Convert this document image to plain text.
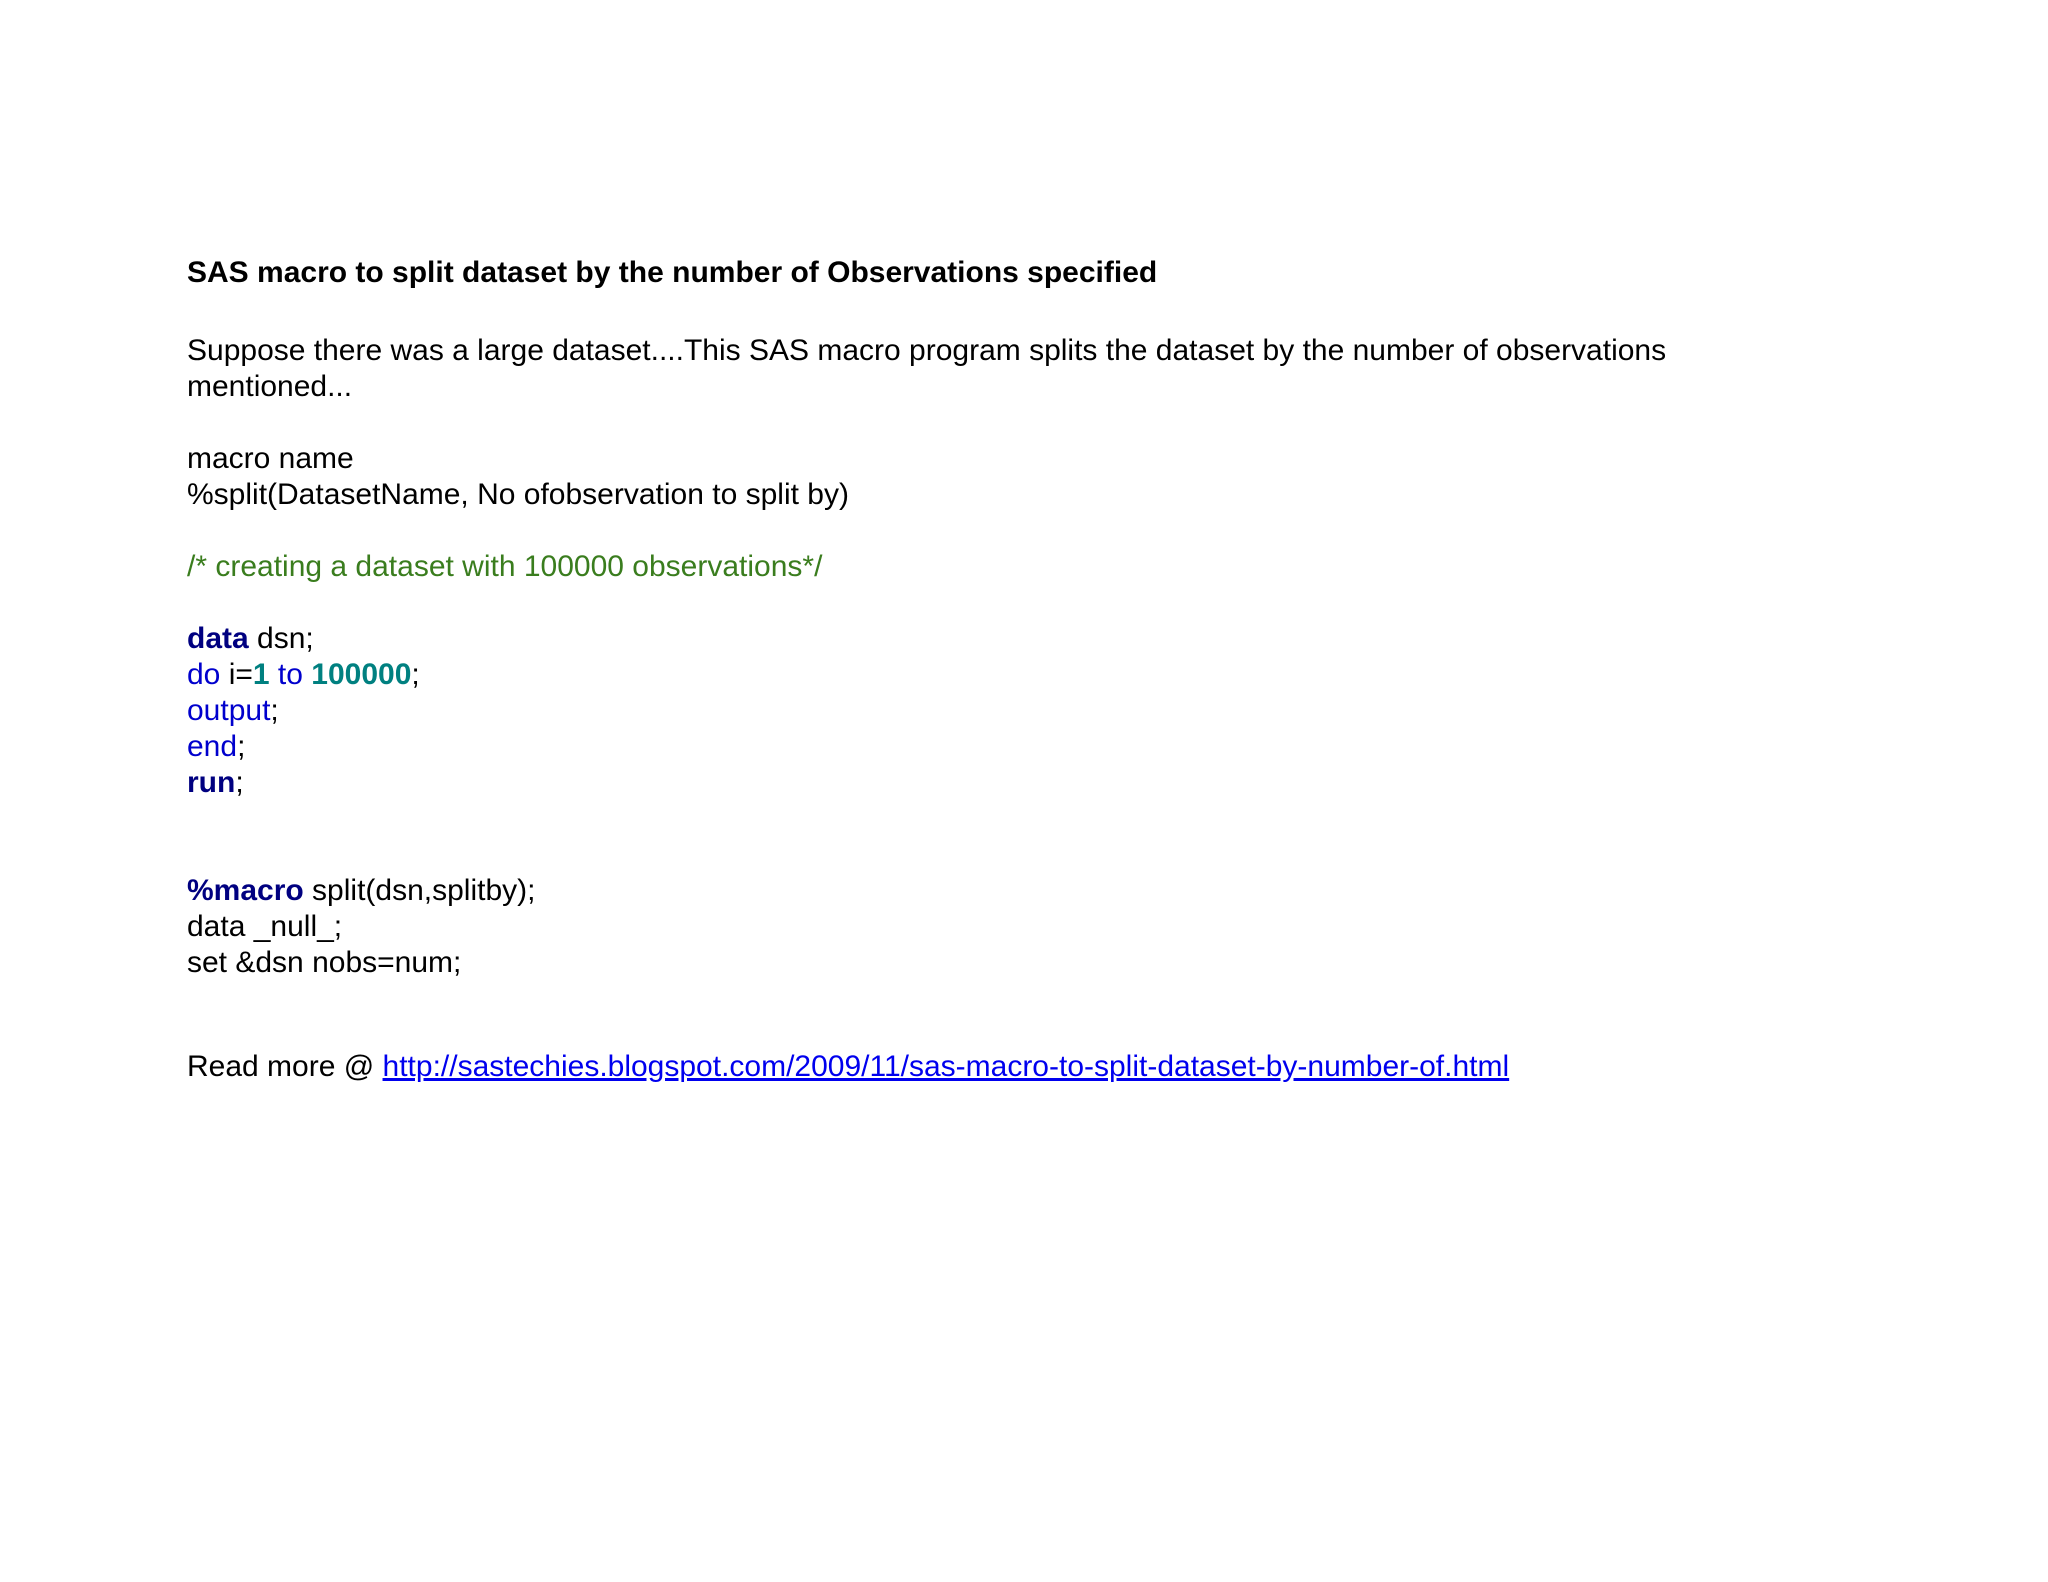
SAS macro to split dataset by the number of Observations specified
Suppose there was a large dataset....This SAS macro program splits the dataset by the number of observations
mentioned...
macro name
%split(DatasetName, No ofobservation to split by)
/* creating a dataset with 100000 observations*/
data dsn;
do i=1 to 100000;
output;
end;
run;
%macro split(dsn,splitby);
data _null_;
set &dsn nobs=num;
Read more @ http://sastechies.blogspot.com/2009/11/sas-macro-to-split-dataset-by-number-of.html
